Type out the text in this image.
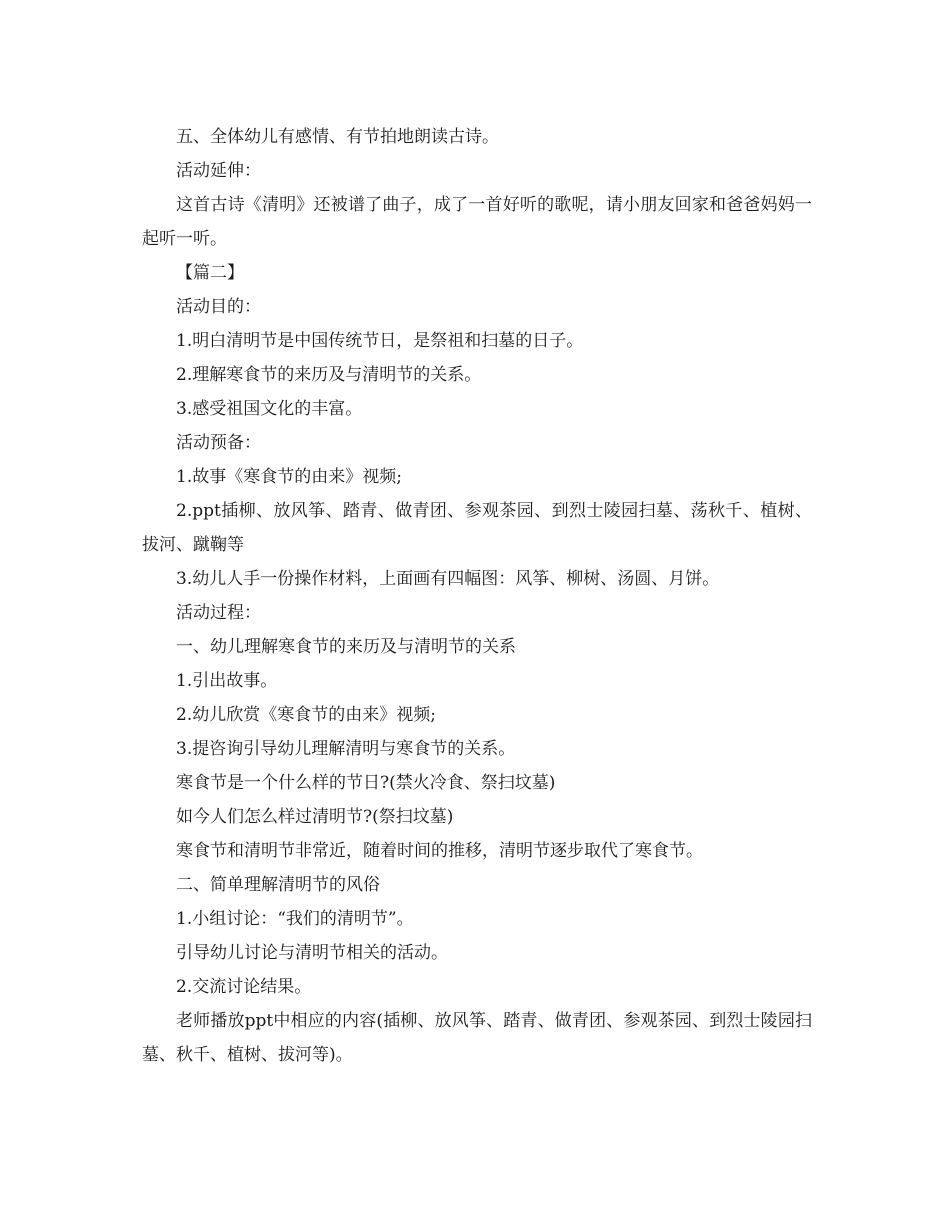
五、全体幼儿有感情、有节拍地朗读古诗。

活动延伸：

这首古诗《清明》还被谱了曲子，成了一首好听的歌呢，请小朋友回家和爸爸妈妈一起听一听。

【篇二】

活动目的：

1.明白清明节是中国传统节日，是祭祖和扫墓的日子。

2.理解寒食节的来历及与清明节的关系。

3.感受祖国文化的丰富。

活动预备：

1.故事《寒食节的由来》视频;

2.ppt插柳、放风筝、踏青、做青团、参观茶园、到烈士陵园扫墓、荡秋千、植树、拔河、蹴鞠等

3.幼儿人手一份操作材料，上面画有四幅图：风筝、柳树、汤圆、月饼。

活动过程：

一、幼儿理解寒食节的来历及与清明节的关系

1.引出故事。

2.幼儿欣赏《寒食节的由来》视频;

3.提咨询引导幼儿理解清明与寒食节的关系。

寒食节是一个什么样的节日?(禁火冷食、祭扫坟墓)

如今人们怎么样过清明节?(祭扫坟墓)

寒食节和清明节非常近，随着时间的推移，清明节逐步取代了寒食节。

二、简单理解清明节的风俗

1.小组讨论：“我们的清明节”。

引导幼儿讨论与清明节相关的活动。

2.交流讨论结果。

老师播放ppt中相应的内容(插柳、放风筝、踏青、做青团、参观茶园、到烈士陵园扫墓、秋千、植树、拔河等)。
